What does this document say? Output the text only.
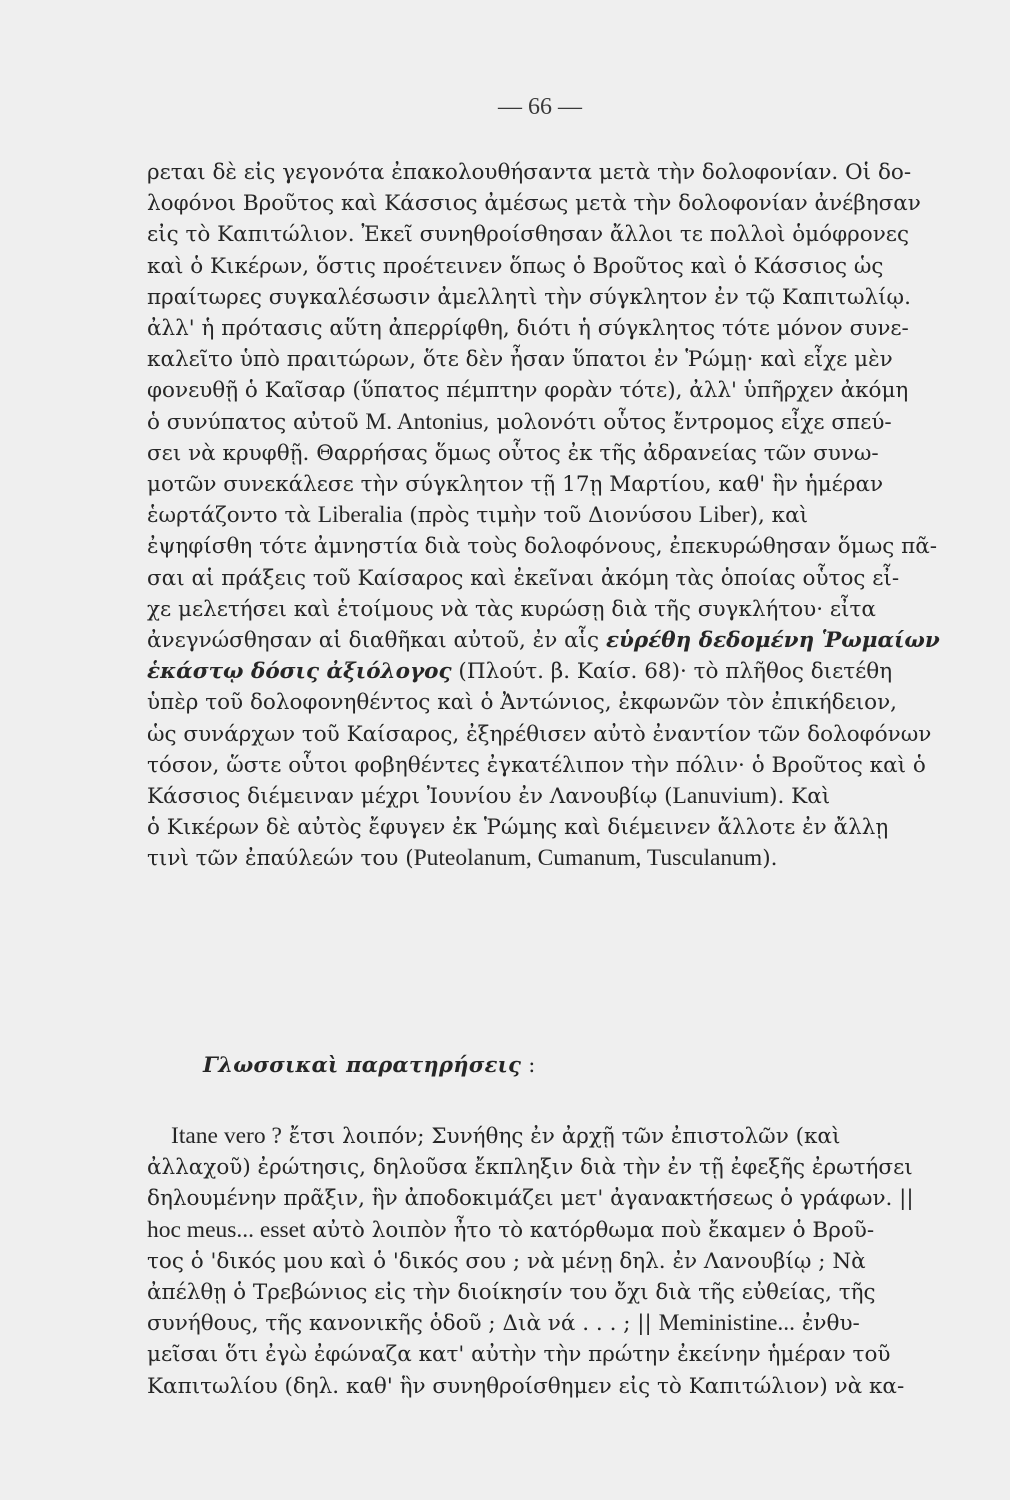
— 66 —
ρεται δὲ εἰς γεγονότα ἐπακολουθήσαντα μετὰ τὴν δολοφονίαν. Οἱ δο-
λοφόνοι Βροῦτος καὶ Κάσσιος ἀμέσως μετὰ τὴν δολοφονίαν ἀνέβησαν
εἰς τὸ Καπιτώλιον. Ἐκεῖ συνηθροίσθησαν ἄλλοι τε πολλοὶ ὁμόφρονες
καὶ ὁ Κικέρων, ὅστις προέτεινεν ὅπως ὁ Βροῦτος καὶ ὁ Κάσσιος ὡς
πραίτωρες συγκαλέσωσιν ἀμελλητὶ τὴν σύγκλητον ἐν τῷ Καπιτωλίῳ.
ἀλλ' ἡ πρότασις αὕτη ἀπερρίφθη, διότι ἡ σύγκλητος τότε μόνον συνε-
καλεῖτο ὑπὸ πραιτώρων, ὅτε δὲν ἦσαν ὕπατοι ἐν Ῥώμῃ· καὶ εἶχε μὲν
φονευθῇ ὁ Καῖσαρ (ὕπατος πέμπτην φορὰν τότε), ἀλλ' ὑπῆρχεν ἀκόμη
ὁ συνύπατος αὐτοῦ M. Antonius, μολονότι οὗτος ἔντρομος εἶχε σπεύ-
σει νὰ κρυφθῇ. Θαρρήσας ὅμως οὗτος ἐκ τῆς ἀδρανείας τῶν συνω-
μοτῶν συνεκάλεσε τὴν σύγκλητον τῇ 17ῃ Μαρτίου, καθ' ἣν ἡμέραν
ἑωρτάζοντο τὰ Liberalia (πρὸς τιμὴν τοῦ Διονύσου Liber), καὶ
ἐψηφίσθη τότε ἀμνηστία διὰ τοὺς δολοφόνους, ἐπεκυρώθησαν ὅμως πᾶ-
σαι αἱ πράξεις τοῦ Καίσαρος καὶ ἐκεῖναι ἀκόμη τὰς ὁποίας οὗτος εἶ-
χε μελετήσει καὶ ἑτοίμους νὰ τὰς κυρώσῃ διὰ τῆς συγκλήτου· εἶτα
ἀνεγνώσθησαν αἱ διαθῆκαι αὐτοῦ, ἐν αἷς εὑρέθη δεδομένη Ῥωμαίων
ἑκάστῳ δόσις ἀξιόλογος (Πλούτ. β. Καίσ. 68)· τὸ πλῆθος διετέθη
ὑπὲρ τοῦ δολοφονηθέντος καὶ ὁ Ἀντώνιος, ἐκφωνῶν τὸν ἐπικήδειον,
ὡς συνάρχων τοῦ Καίσαρος, ἐξηρέθισεν αὐτὸ ἐναντίον τῶν δολοφόνων
τόσον, ὥστε οὗτοι φοβηθέντες ἐγκατέλιπον τὴν πόλιν· ὁ Βροῦτος καὶ ὁ
Κάσσιος διέμειναν μέχρι Ἰουνίου ἐν Λανουβίῳ (Lanuvium). Καὶ
ὁ Κικέρων δὲ αὐτὸς ἔφυγεν ἐκ Ῥώμης καὶ διέμεινεν ἄλλοτε ἐν ἄλλῃ
τινὶ τῶν ἐπαύλεών του (Puteolanum, Cumanum, Tusculanum).
Γλωσσικαὶ παρατηρήσεις :
Itane vero ? ἔτσι λοιπόν; Συνήθης ἐν ἀρχῇ τῶν ἐπιστολῶν (καὶ
ἀλλαχοῦ) ἐρώτησις, δηλοῦσα ἔκπληξιν διὰ τὴν ἐν τῇ ἐφεξῆς ἐρωτήσει
δηλουμένην πρᾶξιν, ἣν ἀποδοκιμάζει μετ' ἀγανακτήσεως ὁ γράφων. ||
hoc meus... esset αὐτὸ λοιπὸν ἦτο τὸ κατόρθωμα ποὺ ἔκαμεν ὁ Βροῦ-
τος ὁ 'δικός μου καὶ ὁ 'δικός σου ; νὰ μένῃ δηλ. ἐν Λανουβίῳ ; Νὰ
ἀπέλθῃ ὁ Τρεβώνιος εἰς τὴν διοίκησίν του ὄχι διὰ τῆς εὐθείας, τῆς
συνήθους, τῆς κανονικῆς ὁδοῦ ; Διὰ νά . . . ; || Meministine... ἐνθυ-
μεῖσαι ὅτι ἐγὼ ἐφώναζα κατ' αὐτὴν τὴν πρώτην ἐκείνην ἡμέραν τοῦ
Καπιτωλίου (δηλ. καθ' ἣν συνηθροίσθημεν εἰς τὸ Καπιτώλιον) νὰ κα-
